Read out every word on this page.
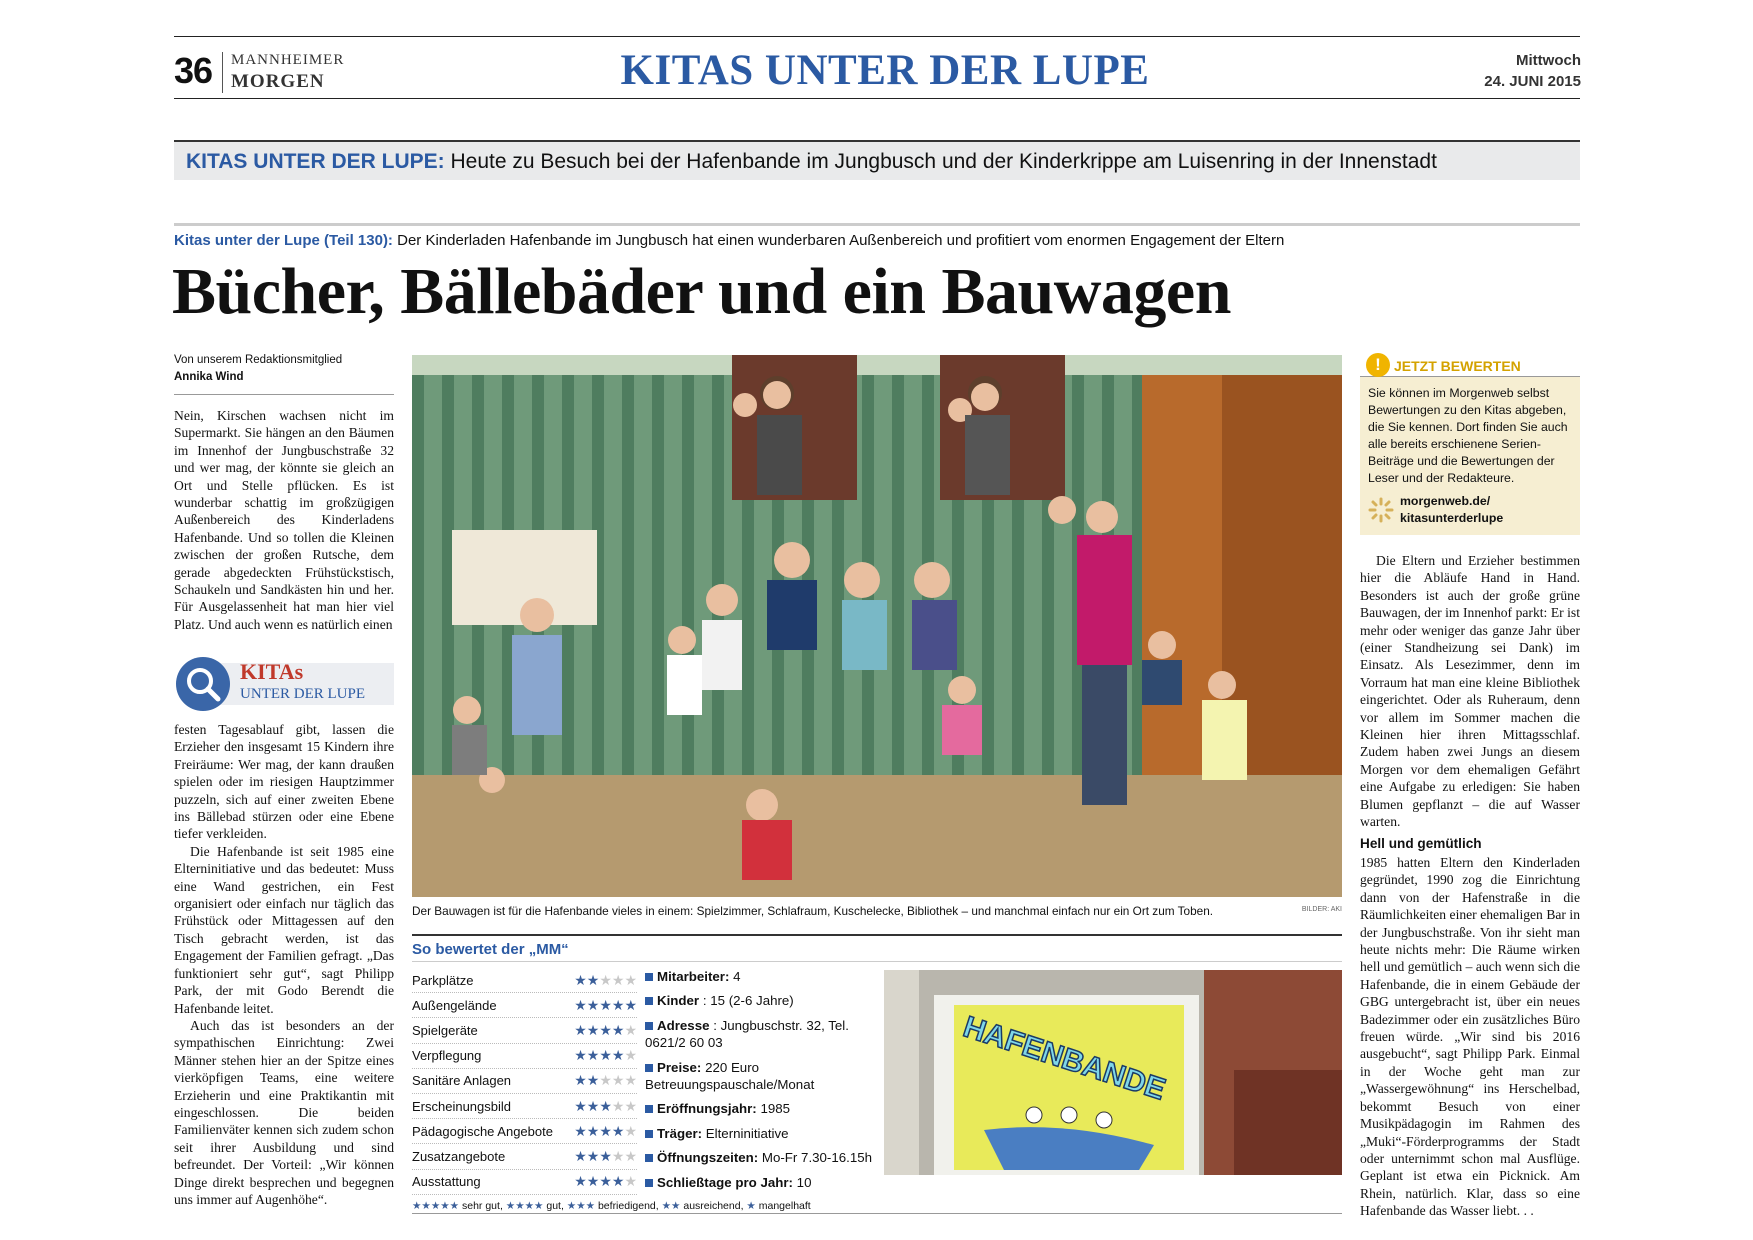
36 MANNHEIMER
MORGEN	KITAS UNTER DER LUPE	Mittwoch
24. JUNI 2015
KITAS UNTER DER LUPE: Heute zu Besuch bei der Hafenbande im Jungbusch und der Kinderkrippe am Luisenring in der Innenstadt
Kitas unter der Lupe (Teil 130): Der Kinderladen Hafenbande im Jungbusch hat einen wunderbaren Außenbereich und profitiert vom enormen Engagement der Eltern
Bücher, Bällebäder und ein Bauwagen
Von unserem Redaktionsmitglied
Annika Wind

Nein, Kirschen wachsen nicht im Supermarkt. Sie hängen an den Bäumen im Innenhof der Jungbuschstraße 32 und wer mag, der könnte sie gleich an Ort und Stelle pflücken. Es ist wunderbar schattig im großzügigen Außenbereich des Kinderladens Hafenbande. Und so tollen die Kleinen zwischen der großen Rutsche, dem gerade abgedeckten Frühstückstisch, Schaukeln und Sandkästen hin und her. Für Ausgelassenheit hat man hier viel Platz. Und auch wenn es natürlich einen

KITAs
UNTER DER LUPE

festen Tagesablauf gibt, lassen die Erzieher den insgesamt 15 Kindern ihre Freiräume: Wer mag, der kann draußen spielen oder im riesigen Hauptzimmer puzzeln, sich auf einer zweiten Ebene ins Bällebad stürzen oder eine Ebene tiefer verkleiden.

Die Hafenbande ist seit 1985 eine Elterninitiative und das bedeutet: Muss eine Wand gestrichen, ein Fest organisiert oder einfach nur täglich das Frühstück oder Mittagessen auf den Tisch gebracht werden, ist das Engagement der Familien gefragt. „Das funktioniert sehr gut“, sagt Philipp Park, der mit Godo Berendt die Hafenbande leitet.

Auch das ist besonders an der sympathischen Einrichtung: Zwei Männer stehen hier an der Spitze eines vierköpfigen Teams, eine weitere Erzieherin und eine Praktikantin mit eingeschlossen. Die beiden Familienväter kennen sich zudem schon seit ihrer Ausbildung und sind befreundet. Der Vorteil: „Wir können Dinge direkt besprechen und begegnen uns immer auf Augenhöhe“.

Der Bauwagen ist für die Hafenbande vieles in einem: Spielzimmer, Schlafraum, Kuschelecke, Bibliothek – und manchmal einfach nur ein Ort zum Toben.	BILDER: AKI
So bewertet der „MM“
Parkplätze	★★★★★
Außengelände	★★★★★
Spielgeräte	★★★★★
Verpflegung	★★★★★
Sanitäre Anlagen	★★★★★
Erscheinungsbild	★★★★★
Pädagogische Angebote ★★★★★
Zusatzangebote	★★★★★
Ausstattung	★★★★★
Mitarbeiter: 4
Kinder : 15 (2-6 Jahre)
Adresse : Jungbuschstr. 32, Tel. 0621/2 60 03
Preise: 220 Euro Betreuungspauschale/Monat
Eröffnungsjahr: 1985
Träger: Elterninitiative
Öffnungszeiten: Mo-Fr 7.30-16.15h
Schließtage pro Jahr: 10
★★★★★ sehr gut, ★★★★ gut, ★★★ befriedigend, ★★ ausreichend, ★ mangelhaft
HAFENBANDE
! JETZT BEWERTEN
Sie können im Morgenweb selbst Bewertungen zu den Kitas abgeben, die Sie kennen. Dort finden Sie auch alle bereits erschienene Serien-Beiträge und die Bewertungen der Leser und der Redakteure.
morgenweb.de/
kitasunterderlupe

Die Eltern und Erzieher bestimmen hier die Abläufe Hand in Hand. Besonders ist auch der große grüne Bauwagen, der im Innenhof parkt: Er ist mehr oder weniger das ganze Jahr über (einer Standheizung sei Dank) im Einsatz. Als Lesezimmer, denn im Vorraum hat man eine kleine Bibliothek eingerichtet. Oder als Ruheraum, denn vor allem im Sommer machen die Kleinen hier ihren Mittagsschlaf. Zudem haben zwei Jungs an diesem Morgen vor dem ehemaligen Gefährt eine Aufgabe zu erledigen: Sie haben Blumen gepflanzt – die auf Wasser warten.

Hell und gemütlich

1985 hatten Eltern den Kinderladen gegründet, 1990 zog die Einrichtung dann von der Hafenstraße in die Räumlichkeiten einer ehemaligen Bar in der Jungbuschstraße. Von ihr sieht man heute nichts mehr: Die Räume wirken hell und gemütlich – auch wenn sich die Hafenbande, die in einem Gebäude der GBG untergebracht ist, über ein neues Badezimmer oder ein zusätzliches Büro freuen würde. „Wir sind bis 2016 ausgebucht“, sagt Philipp Park. Einmal in der Woche geht man zur „Wassergewöhnung“ ins Herschelbad, bekommt Besuch von einer Musikpädagogin im Rahmen des „Muki“-Förderprogramms der Stadt oder unternimmt schon mal Ausflüge. Geplant ist etwa ein Picknick. Am Rhein, natürlich. Klar, dass so eine Hafenbande das Wasser liebt. . .
